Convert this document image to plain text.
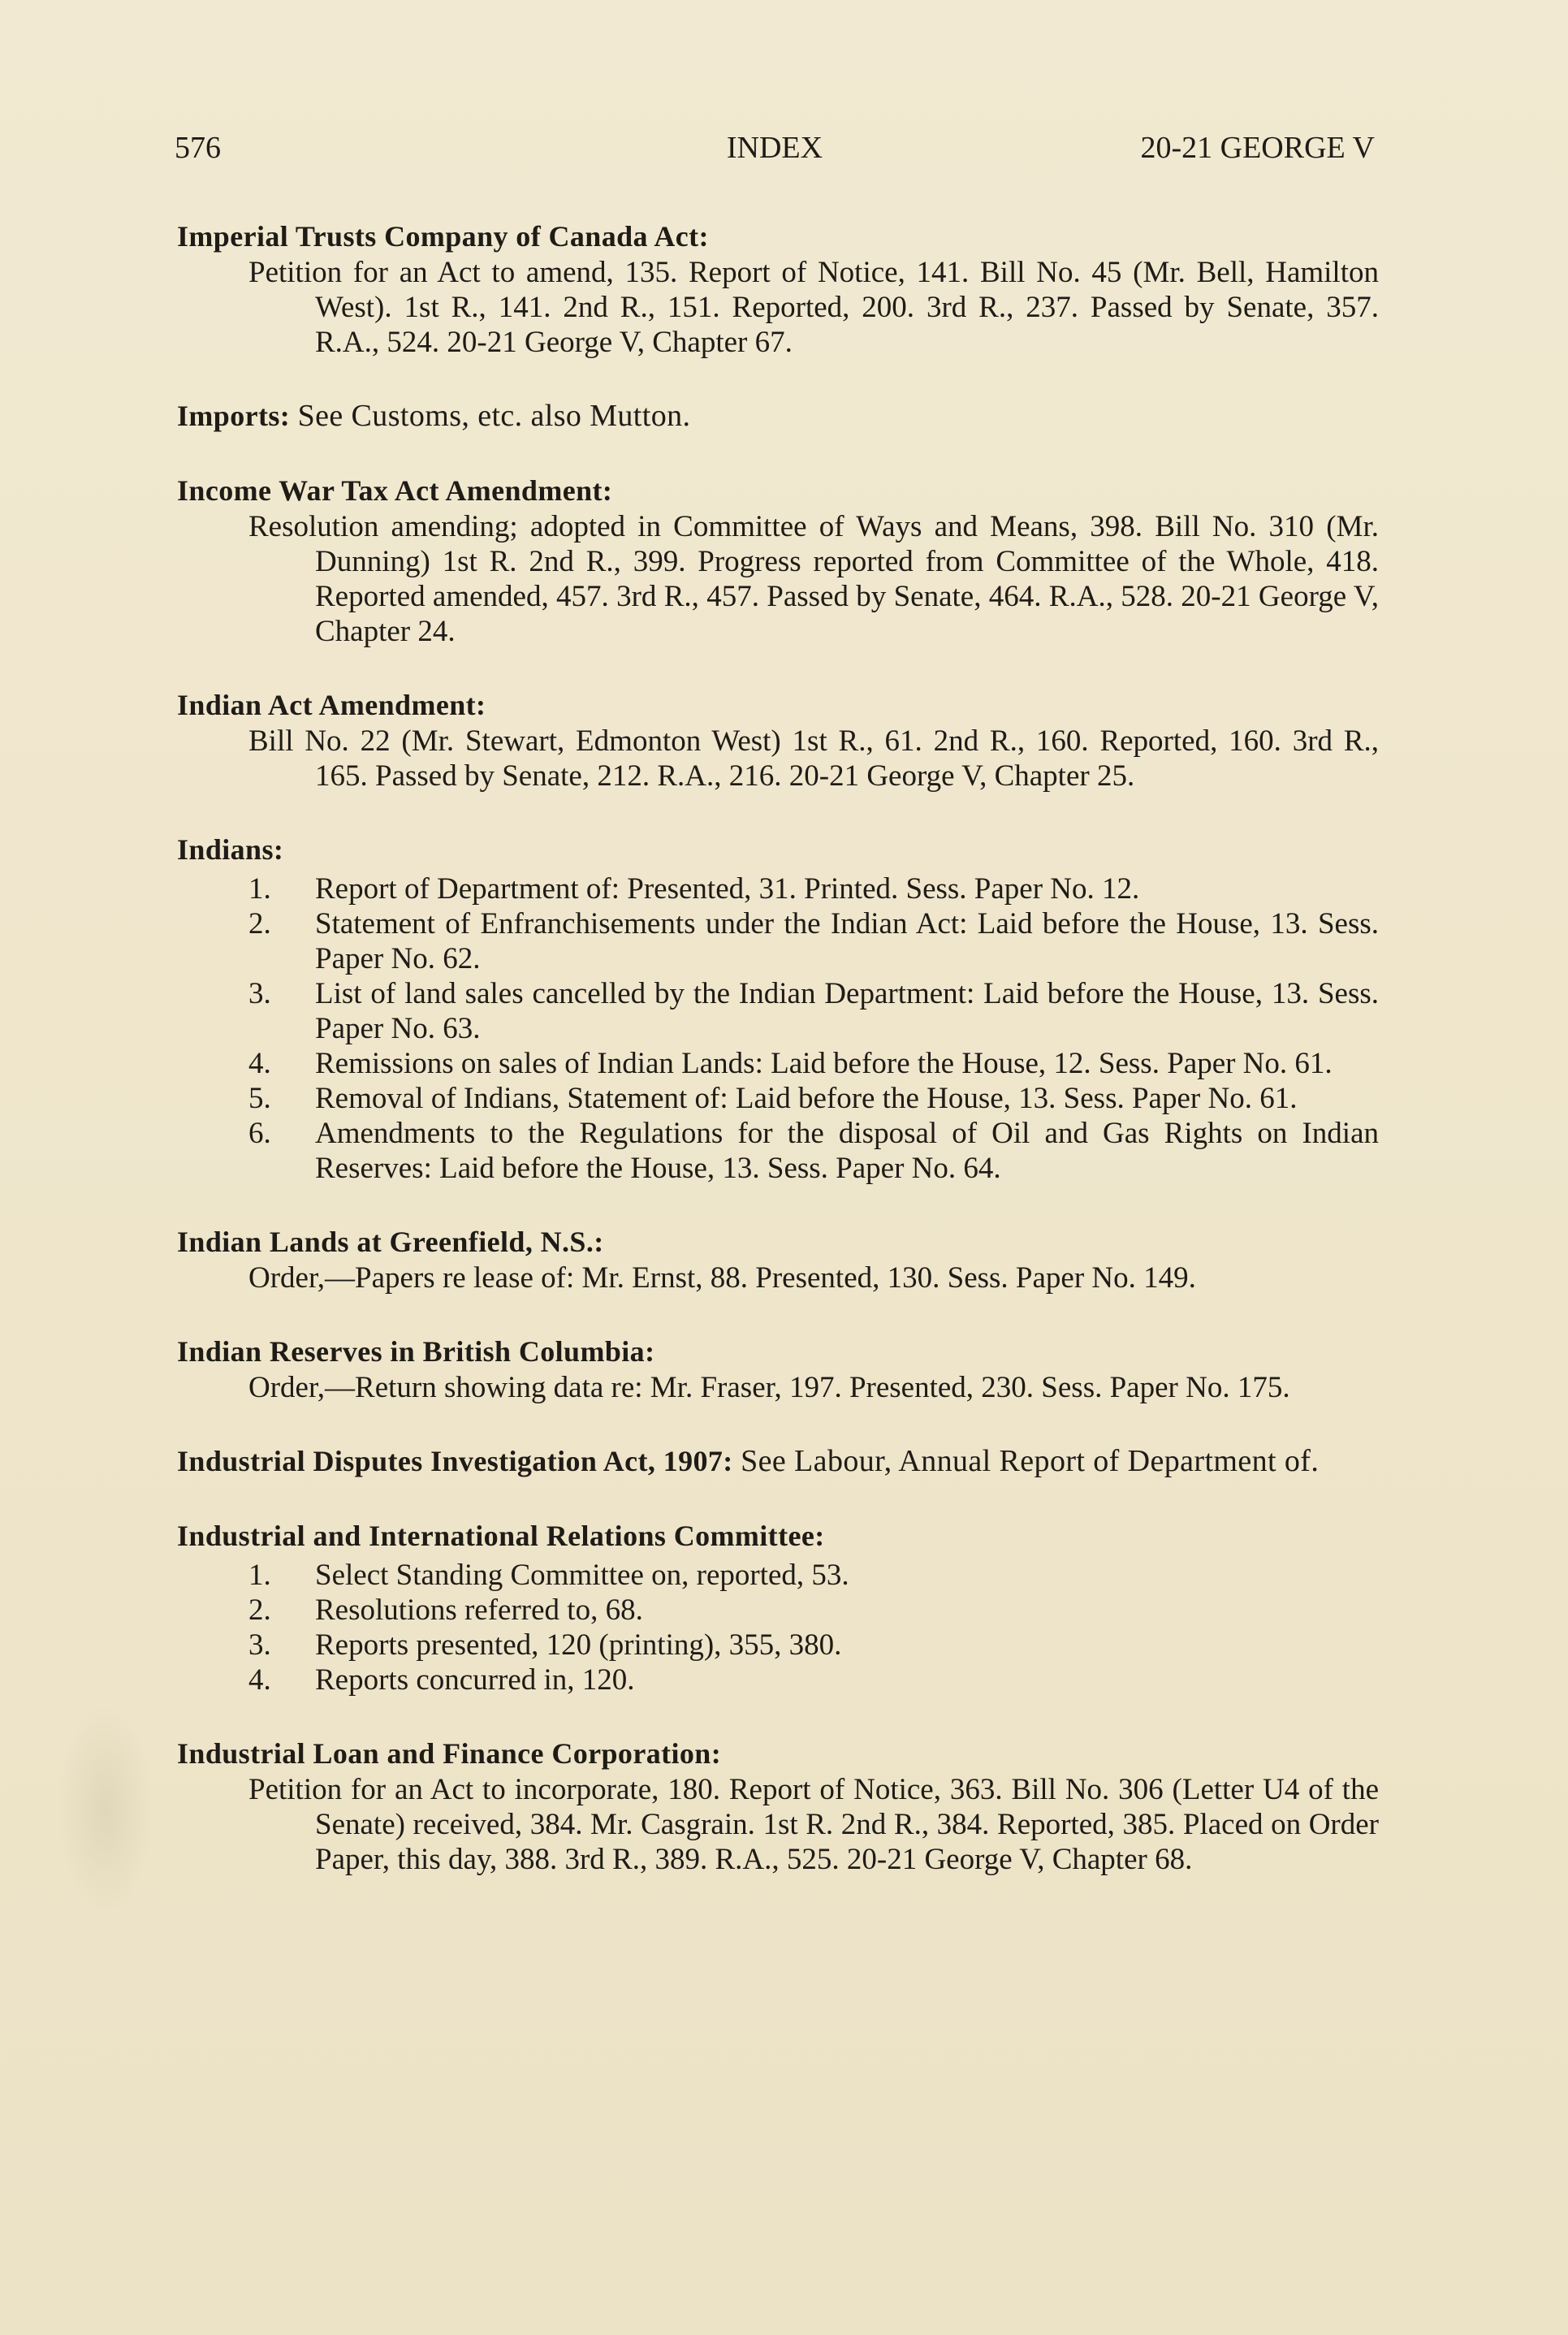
576	INDEX	20-21 GEORGE V
Imperial Trusts Company of Canada Act:
Petition for an Act to amend, 135. Report of Notice, 141. Bill No. 45 (Mr. Bell, Hamilton West). 1st R., 141. 2nd R., 151. Reported, 200. 3rd R., 237. Passed by Senate, 357. R.A., 524. 20-21 George V, Chapter 67.
Imports: See Customs, etc. also Mutton.
Income War Tax Act Amendment:
Resolution amending; adopted in Committee of Ways and Means, 398. Bill No. 310 (Mr. Dunning) 1st R. 2nd R., 399. Progress reported from Committee of the Whole, 418. Reported amended, 457. 3rd R., 457. Passed by Senate, 464. R.A., 528. 20-21 George V, Chapter 24.
Indian Act Amendment:
Bill No. 22 (Mr. Stewart, Edmonton West) 1st R., 61. 2nd R., 160. Reported, 160. 3rd R., 165. Passed by Senate, 212. R.A., 216. 20-21 George V, Chapter 25.
Indians:
1.	Report of Department of: Presented, 31. Printed. Sess. Paper No. 12.
2.	Statement of Enfranchisements under the Indian Act: Laid before the House, 13. Sess. Paper No. 62.
3.	List of land sales cancelled by the Indian Department: Laid before the House, 13. Sess. Paper No. 63.
4.	Remissions on sales of Indian Lands: Laid before the House, 12. Sess. Paper No. 61.
5.	Removal of Indians, Statement of: Laid before the House, 13. Sess. Paper No. 61.
6.	Amendments to the Regulations for the disposal of Oil and Gas Rights on Indian Reserves: Laid before the House, 13. Sess. Paper No. 64.
Indian Lands at Greenfield, N.S.:
Order,—Papers re lease of: Mr. Ernst, 88. Presented, 130. Sess. Paper No. 149.
Indian Reserves in British Columbia:
Order,—Return showing data re: Mr. Fraser, 197. Presented, 230. Sess. Paper No. 175.
Industrial Disputes Investigation Act, 1907: See Labour, Annual Report of Department of.
Industrial and International Relations Committee:
1.	Select Standing Committee on, reported, 53.
2.	Resolutions referred to, 68.
3.	Reports presented, 120 (printing), 355, 380.
4.	Reports concurred in, 120.
Industrial Loan and Finance Corporation:
Petition for an Act to incorporate, 180. Report of Notice, 363. Bill No. 306 (Letter U4 of the Senate) received, 384. Mr. Casgrain. 1st R. 2nd R., 384. Reported, 385. Placed on Order Paper, this day, 388. 3rd R., 389. R.A., 525. 20-21 George V, Chapter 68.
